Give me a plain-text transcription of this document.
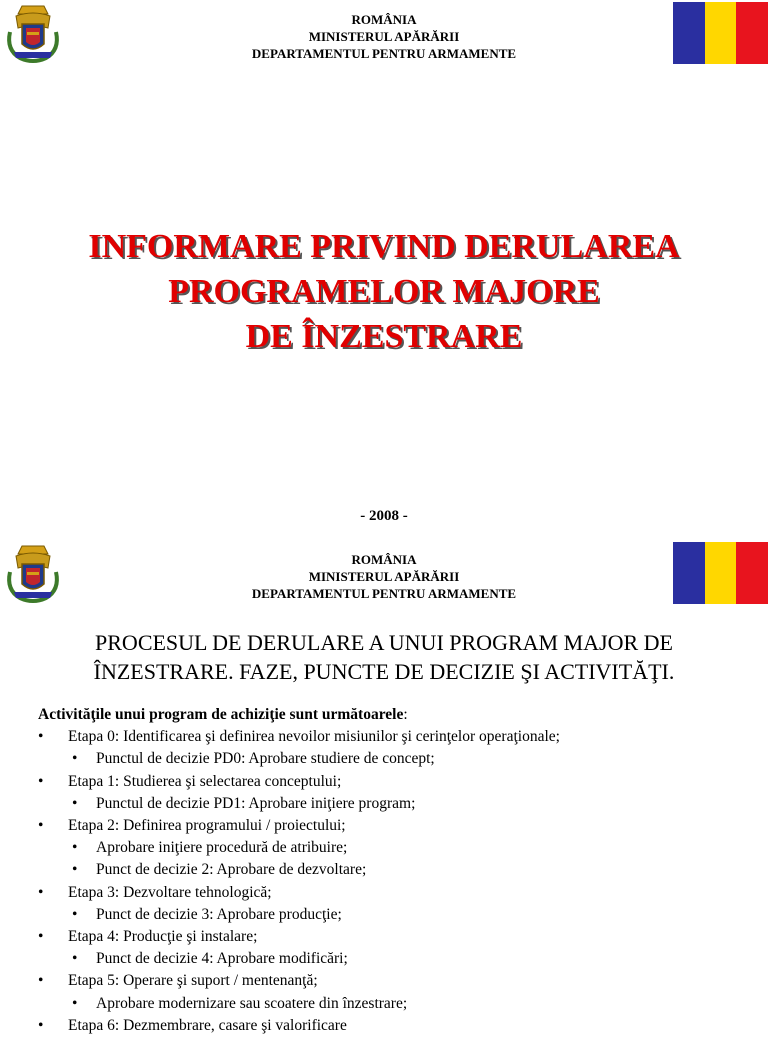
ROMÂNIA
MINISTERUL APĂRĂRII
DEPARTAMENTUL PENTRU ARMAMENTE
INFORMARE PRIVIND DERULAREA
PROGRAMELOR MAJORE
DE ÎNZESTRARE
- 2008 -
ROMÂNIA
MINISTERUL APĂRĂRII
DEPARTAMENTUL PENTRU ARMAMENTE
PROCESUL DE DERULARE A UNUI PROGRAM MAJOR DE
ÎNZESTRARE. FAZE, PUNCTE DE DECIZIE ŞI ACTIVITĂŢI.
Activităţile unui program de achiziţie sunt următoarele:
•	Etapa 0: Identificarea şi definirea nevoilor misiunilor şi cerinţelor operaţionale;
•	Punctul de decizie PD0: Aprobare studiere de concept;
•	Etapa 1: Studierea şi selectarea conceptului;
•	Punctul de decizie PD1: Aprobare iniţiere program;
•	Etapa 2: Definirea programului / proiectului;
•	Aprobare iniţiere procedură de atribuire;
•	Punct de decizie 2: Aprobare de dezvoltare;
•	Etapa 3: Dezvoltare tehnologică;
•	Punct de decizie 3: Aprobare producţie;
•	Etapa 4: Producţie şi instalare;
•	Punct de decizie 4: Aprobare modificări;
•	Etapa 5: Operare şi suport / mentenanţă;
•	Aprobare modernizare sau scoatere din înzestrare;
•	Etapa 6: Dezmembrare, casare şi valorificare
